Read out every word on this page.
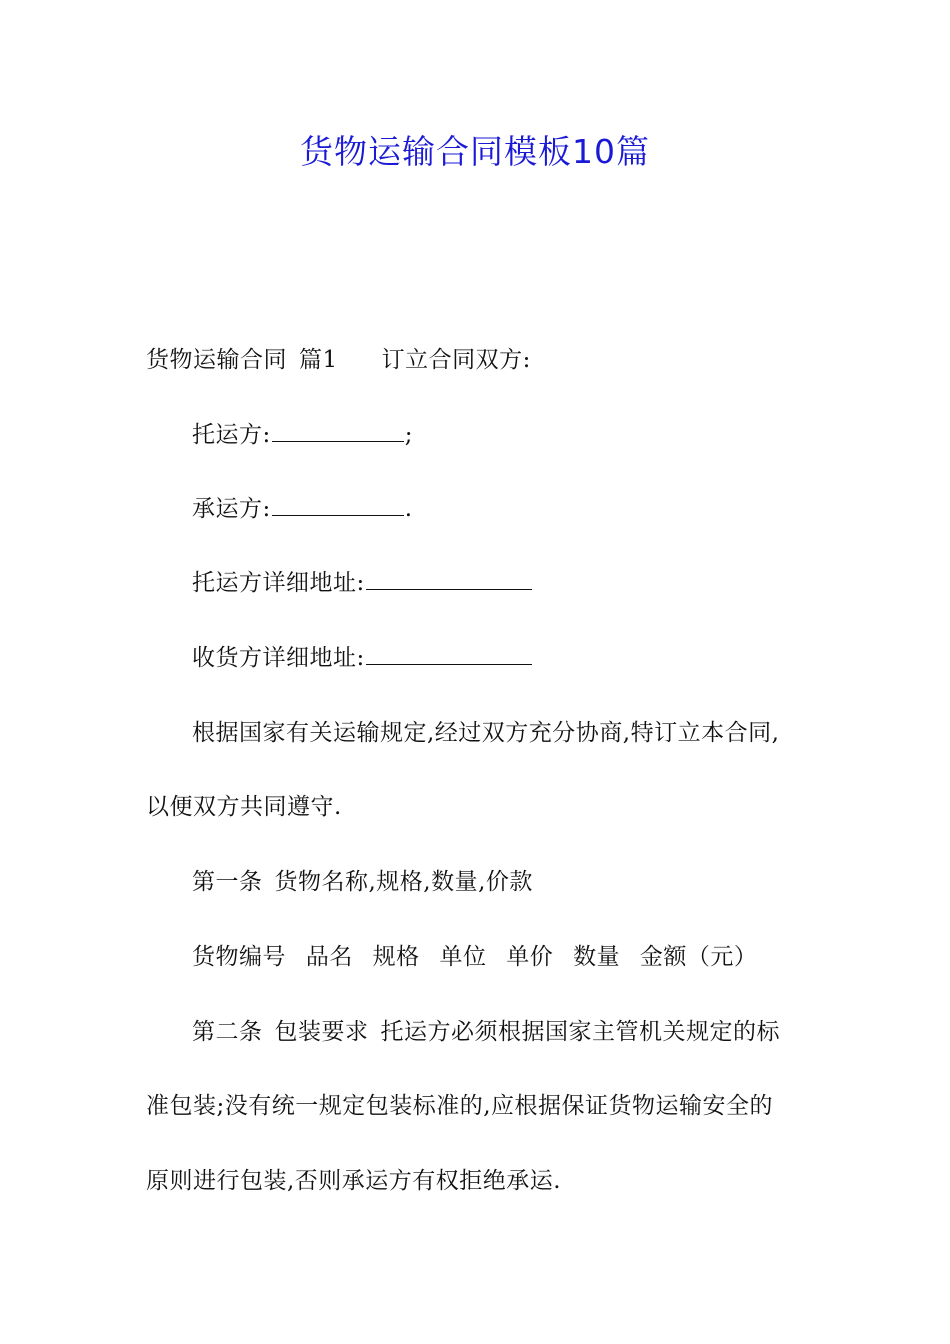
货物运输合同模板10篇
货物运输合同 篇1 订立合同双方:
托运方:	;
承运方:	.
托运方详细地址:
收货方详细地址:
根据国家有关运输规定,经过双方充分协商,特订立本合同,
以便双方共同遵守.
第一条 货物名称,规格,数量,价款
货物编号 品名 规格 单位 单价 数量 金额（元）
第二条 包装要求 托运方必须根据国家主管机关规定的标
准包装;没有统一规定包装标准的,应根据保证货物运输安全的
原则进行包装,否则承运方有权拒绝承运.
